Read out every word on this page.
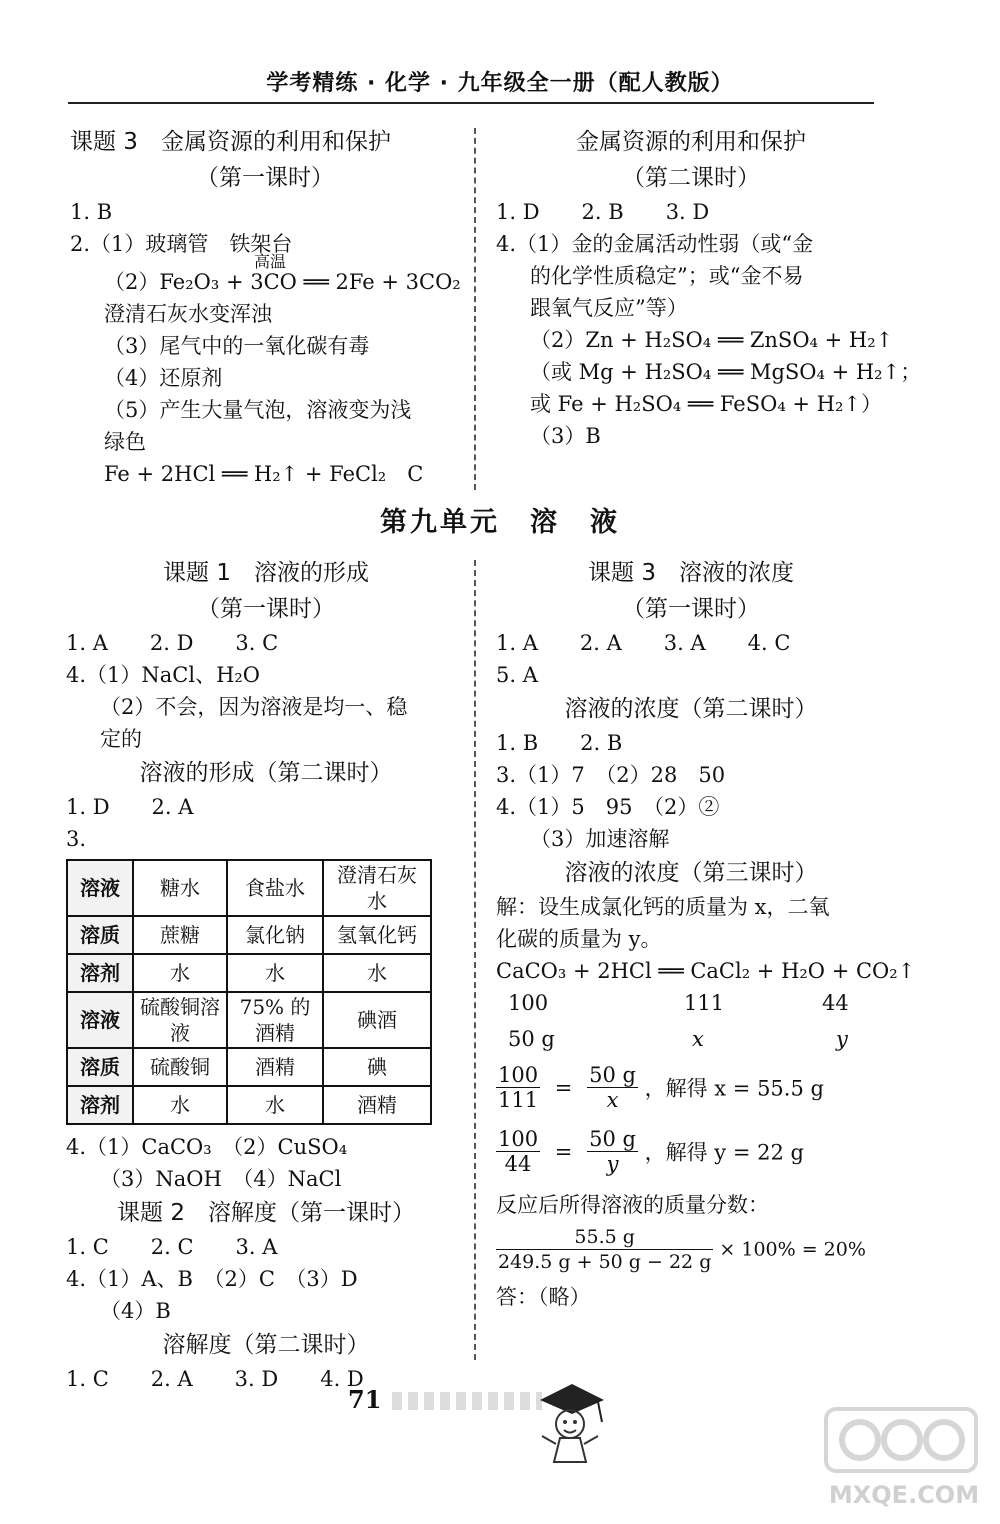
学考精练 · 化学 · 九年级全一册（配人教版）
课题 3　金属资源的利用和保护
（第一课时）
1. B
2.（1）玻璃管　铁架台
高温
（2）Fe₂O₃ + 3CO ══ 2Fe + 3CO₂
澄清石灰水变浑浊
（3）尾气中的一氧化碳有毒
（4）还原剂
（5）产生大量气泡，溶液变为浅
绿色
Fe + 2HCl ══ H₂↑ + FeCl₂　C
金属资源的利用和保护
（第二课时）
1. D　　2. B　　3. D
4.（1）金的金属活动性弱（或“金
的化学性质稳定”；或“金不易
跟氧气反应”等）
（2）Zn + H₂SO₄ ══ ZnSO₄ + H₂↑
（或 Mg + H₂SO₄ ══ MgSO₄ + H₂↑；
或 Fe + H₂SO₄ ══ FeSO₄ + H₂↑）
（3）B
第九单元　溶　液
课题 1　溶液的形成
（第一课时）
1. A　　2. D　　3. C
4.（1）NaCl、H₂O
（2）不会，因为溶液是均一、稳
定的
溶液的形成（第二课时）
1. D　　2. A
3.
溶液	糖水	食盐水	澄清石灰水
溶质	蔗糖	氯化钠	氢氧化钙
溶剂	水	水	水
溶液	硫酸铜溶液	75% 的酒精	碘酒
溶质	硫酸铜	酒精	碘
溶剂	水	水	酒精
4.（1）CaCO₃　（2）CuSO₄
（3）NaOH　（4）NaCl
课题 2　溶解度（第一课时）
1. C　　2. C　　3. A
4.（1）A、B　（2）C　（3）D
（4）B
溶解度（第二课时）
1. C　　2. A　　3. D　　4. D
课题 3　溶液的浓度
（第一课时）
1. A　　2. A　　3. A　　4. C
5. A
溶液的浓度（第二课时）
1. B　　2. B
3.（1）7　（2）28　50
4.（1）5　95　（2）②
（3）加速溶解
溶液的浓度（第三课时）
解：设生成氯化钙的质量为 x，二氧
化碳的质量为 y。
CaCO₃ + 2HCl ══ CaCl₂ + H₂O + CO₂↑
100	111	44
50 g	x	y
$\frac{100}{111} = \frac{50 g}{x}$ ，解得 x = 55.5 g
$\frac{100}{44} = \frac{50 g}{y}$ ，解得 y = 22 g
反应后所得溶液的质量分数：
$\frac{55.5 g}{249.5 g + 50 g - 22 g} \times 100\% = 20\%$
答：（略）
71
MXQE.COM
